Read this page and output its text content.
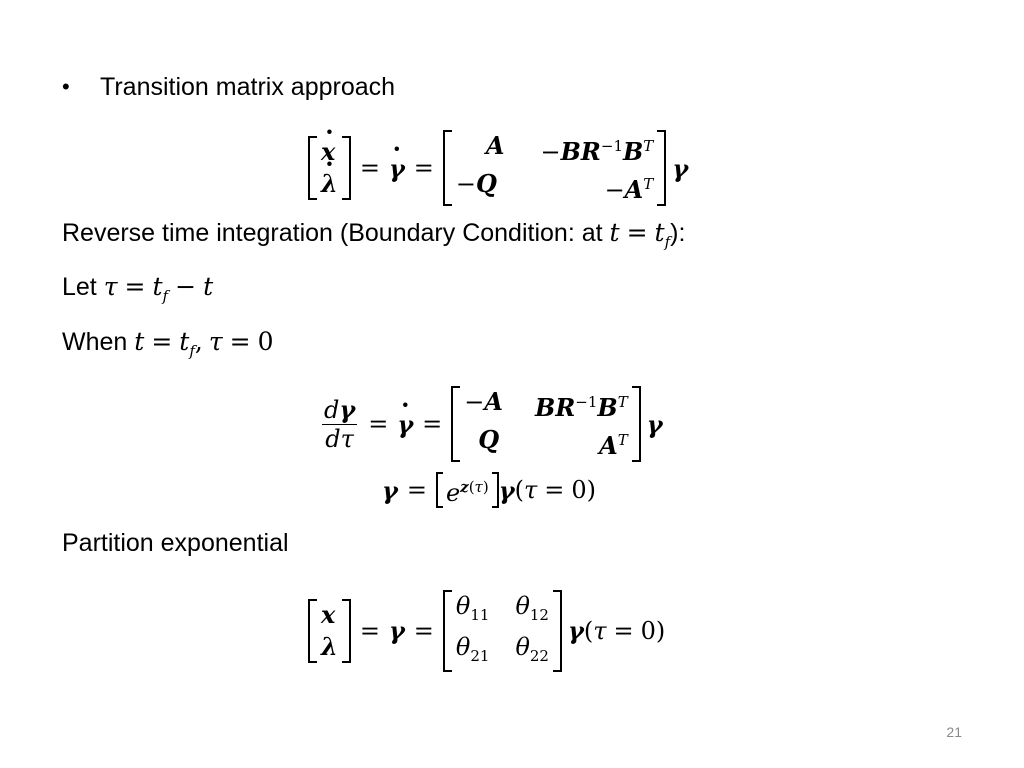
• Transition matrix approach
· x
· λ
= · γ =
$A -BR^{-1}B^T$
−Q	$-A^T$
γ
Reverse time integration (Boundary Condition: at $t = t_f$):
Let $\tau = t_f - t$
When $t = t_f$, τ = 0
$\frac{d\gamma}{d\tau}$ = · γ =
−A $BR^{-1}B^T$
Q	$A^T$
γ
$\gamma = e^{z(\tau)}$ γ ( τ = 0 )
Partition exponential
x
λ
= γ =
$\theta_{11}$ $\theta_{12}$
$\theta_{21}$ $\theta_{22}$
γ ( τ = 0 )
21
